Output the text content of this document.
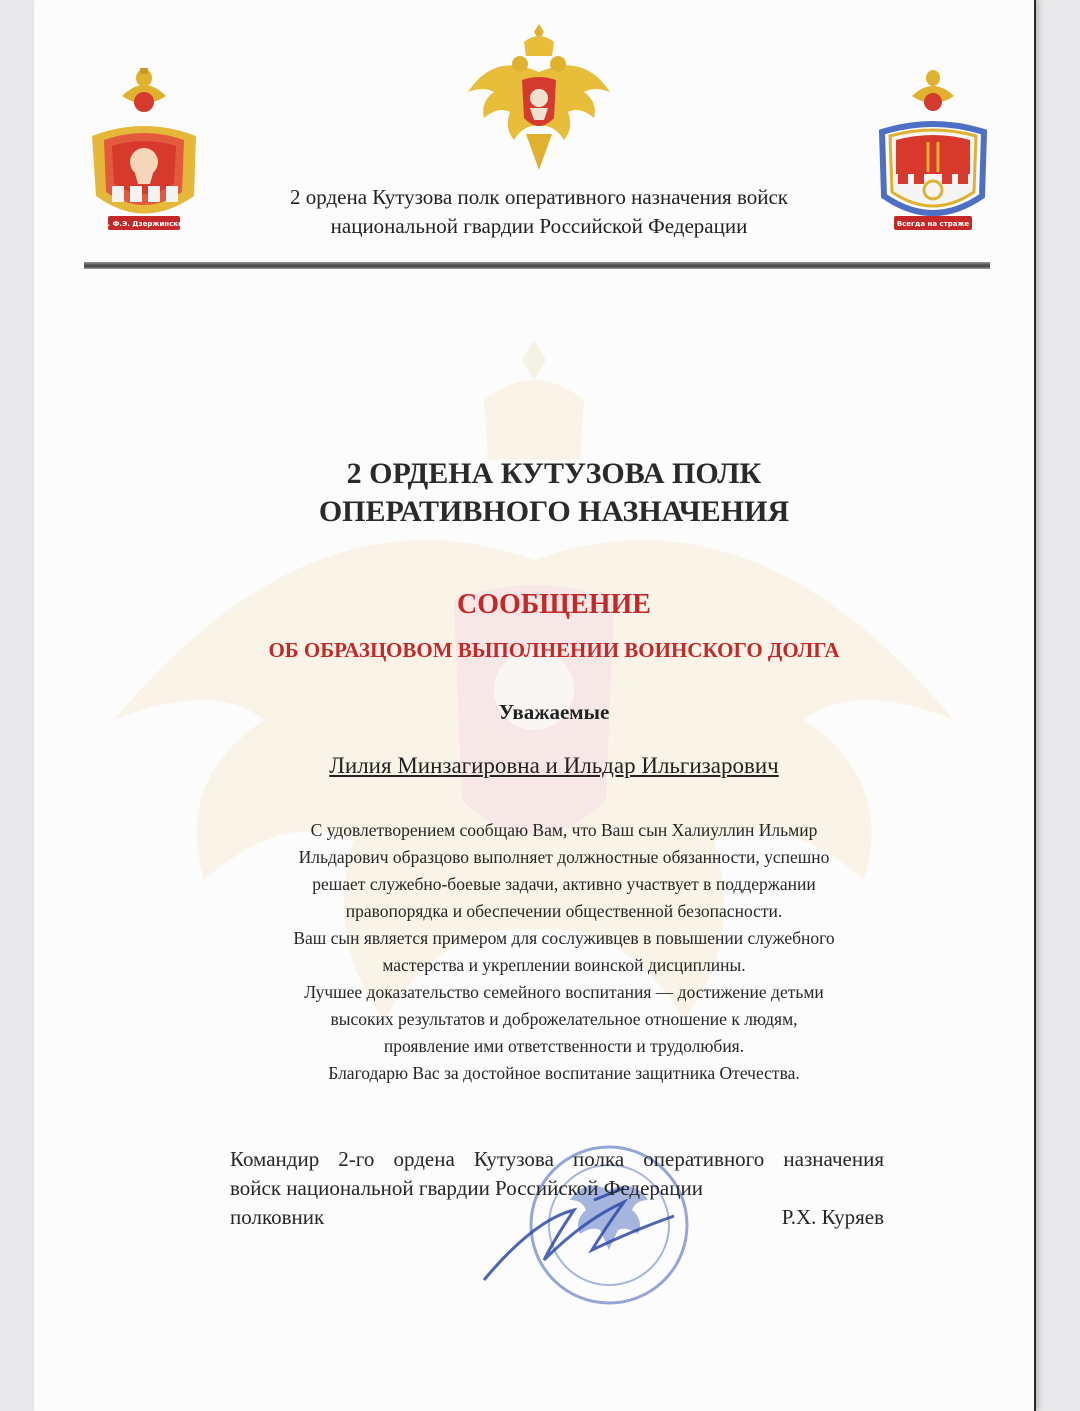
им. Ф.Э. Дзержинского	Всегда на страже
2 ордена Кутузова полк оперативного назначения войск
национальной гвардии Российской Федерации
2 ОРДЕНА КУТУЗОВА ПОЛК
ОПЕРАТИВНОГО НАЗНАЧЕНИЯ
СООБЩЕНИЕ
ОБ ОБРАЗЦОВОМ ВЫПОЛНЕНИИ ВОИНСКОГО ДОЛГА
Уважаемые
Лилия Минзагировна и Ильдар Ильгизарович
С удовлетворением сообщаю Вам, что Ваш сын Халиуллин Ильмир
Ильдарович образцово выполняет должностные обязанности, успешно
решает служебно-боевые задачи, активно участвует в поддержании
правопорядка и обеспечении общественной безопасности.
Ваш сын является примером для сослуживцев в повышении служебного
мастерства и укреплении воинской дисциплины.
Лучшее доказательство семейного воспитания — достижение детьми
высоких результатов и доброжелательное отношение к людям,
проявление ими ответственности и трудолюбия.
Благодарю Вас за достойное воспитание защитника Отечества.
Командир 2-го ордена Кутузова полка оперативного назначения
войск национальной гвардии Российской Федерации
полковник	Р.Х. Куряев
